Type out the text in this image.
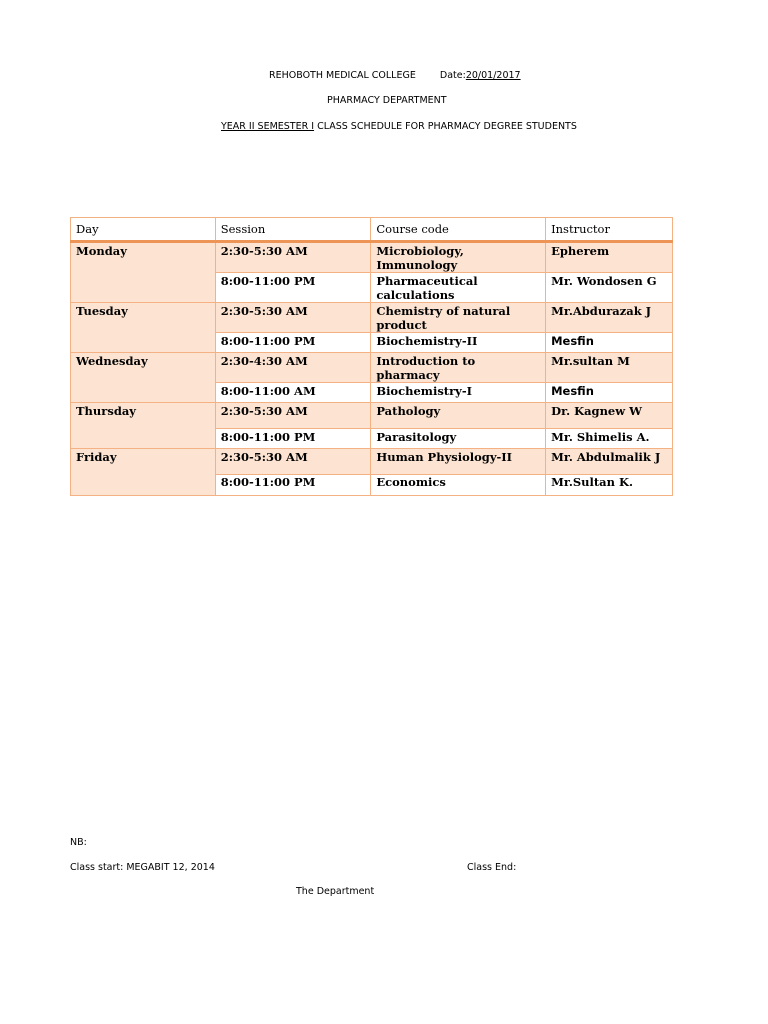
REHOBOTH MEDICAL COLLEGE	Date:20/01/2017
PHARMACY DEPARTMENT
YEAR II SEMESTER I CLASS SCHEDULE FOR PHARMACY DEGREE STUDENTS
Day	Session	Course code	Instructor
Monday	2:30-5:30 AM	Microbiology, Immunology	Epherem
	8:00-11:00 PM	Pharmaceutical calculations	Mr. Wondosen G
Tuesday	2:30-5:30 AM	Chemistry of natural product	Mr.Abdurazak J
	8:00-11:00 PM	Biochemistry-II	Mesfin
Wednesday	2:30-4:30 AM	Introduction to pharmacy	Mr.sultan M
	8:00-11:00 AM	Biochemistry-I	Mesfin
Thursday	2:30-5:30 AM	Pathology	Dr. Kagnew W
	8:00-11:00 PM	Parasitology	Mr. Shimelis A.
Friday	2:30-5:30 AM	Human Physiology-II	Mr. Abdulmalik J
	8:00-11:00 PM	Economics	Mr.Sultan K.
NB:
Class start: MEGABIT 12, 2014	Class End:
The Department
